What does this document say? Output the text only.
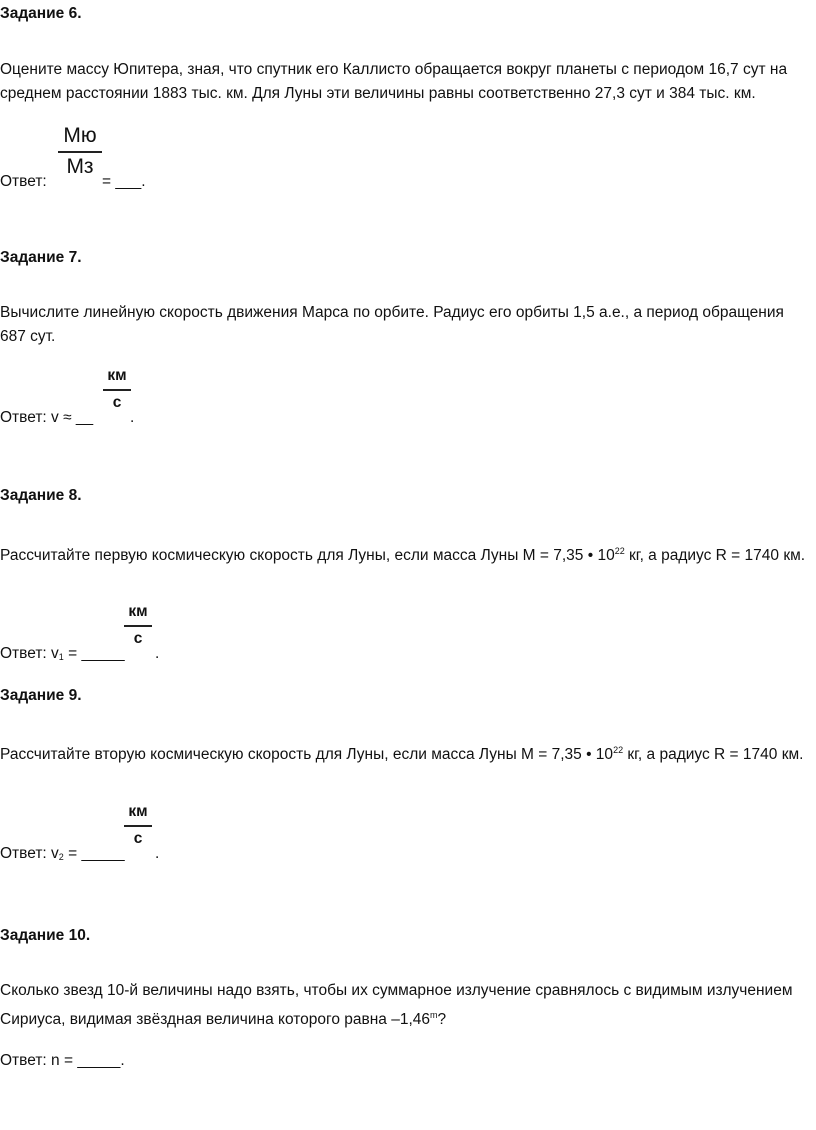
Задание 6.
Оцените массу Юпитера, зная, что спутник его Каллисто обращается вокруг планеты с периодом 16,7 сут на среднем расстоянии 1883 тыс. км. Для Луны эти величины равны соответственно 27,3 сут и 384 тыс. км.
Ответ:
Мю
Мз
= ___.
Задание 7.
Вычислите линейную скорость движения Марса по орбите. Радиус его орбиты 1,5 а.е., а период обращения 687 сут.
Ответ: v ≈ __
км
с
.
Задание 8.
Рассчитайте первую космическую скорость для Луны, если масса Луны М = 7,35 • $10^{22}$ кг, а радиус R = 1740 км.
Ответ: $v_1$ = _____
км
с
.
Задание 9.
Рассчитайте вторую космическую скорость для Луны, если масса Луны М = 7,35 • $10^{22}$ кг, а радиус R = 1740 км.
Ответ: $v_2$ = _____
км
с
.
Задание 10.
Сколько звезд 10-й величины надо взять, чтобы их суммарное излучение сравнялось с видимым излучением Сириуса, видимая звёздная величина которого равна –1,46$^m$?
Ответ: n = _____.
